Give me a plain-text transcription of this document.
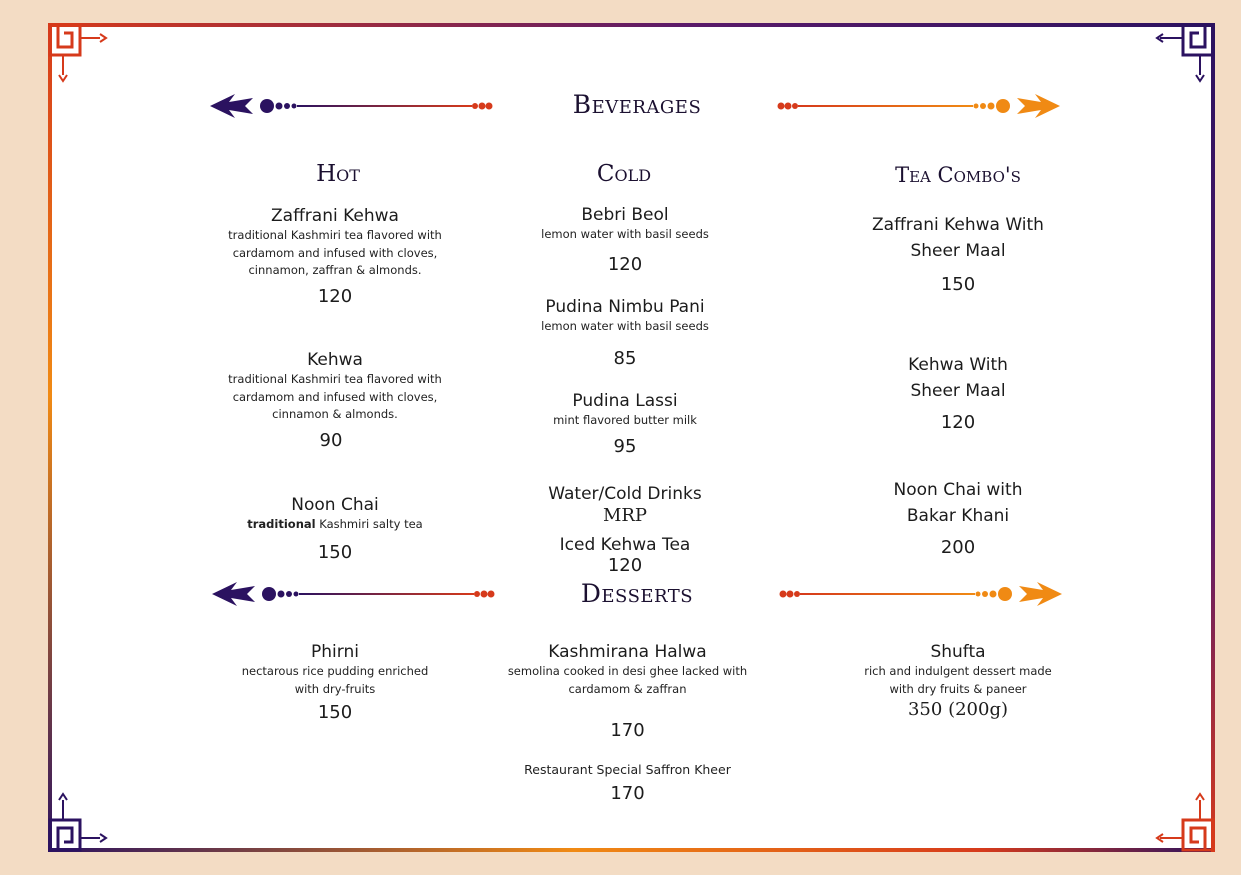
Beverages
Hot
Zaffrani Kehwa
traditional Kashmiri tea flavored with
cardamom and infused with cloves,
cinnamon, zaffran & almonds.
120
Kehwa
traditional Kashmiri tea flavored with
cardamom and infused with cloves,
cinnamon & almonds.
90
Noon Chai
traditional Kashmiri salty tea
150
Cold
Bebri Beol
lemon water with basil seeds
120
Pudina Nimbu Pani
lemon water with basil seeds
85
Pudina Lassi
mint flavored butter milk
95
Water/Cold Drinks
MRP
Iced Kehwa Tea
120
Tea Combo's
Zaffrani Kehwa With
Sheer Maal
150
Kehwa With
Sheer Maal
120
Noon Chai with
Bakar Khani
200
Desserts
Phirni
nectarous rice pudding enriched
with dry-fruits
150
Kashmirana Halwa
semolina cooked in desi ghee lacked with
cardamom & zaffran
170
Restaurant Special Saffron Kheer
170
Shufta
rich and indulgent dessert made
with dry fruits & paneer
350 (200g)
